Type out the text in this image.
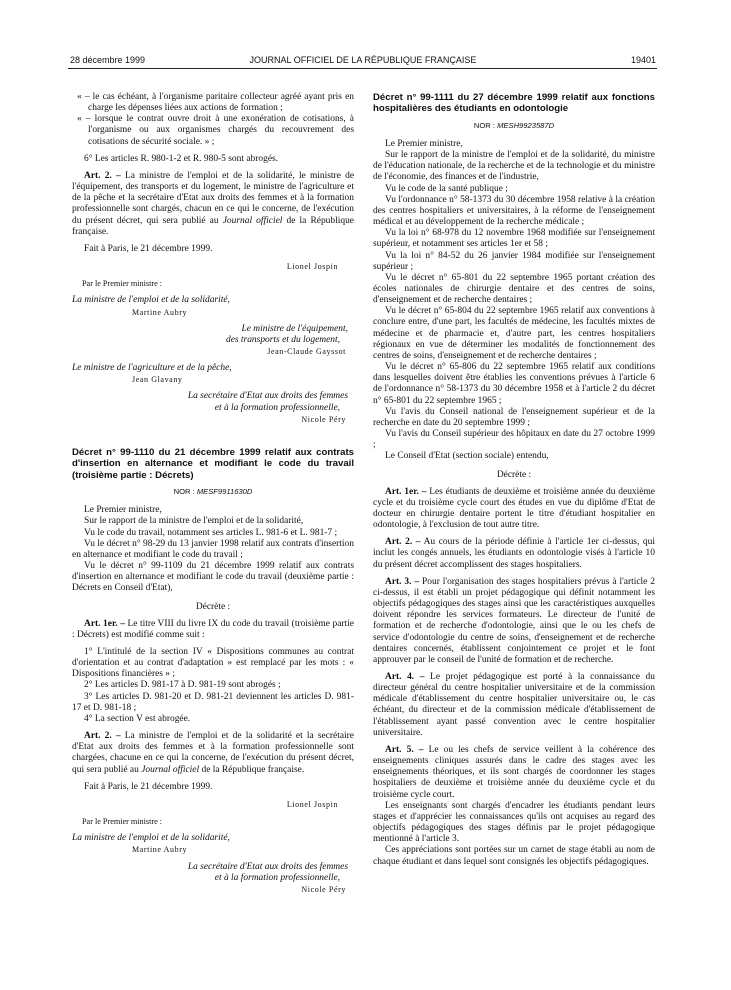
28 décembre 1999	JOURNAL OFFICIEL DE LA RÉPUBLIQUE FRANÇAISE	19401

« – le cas échéant, à l'organisme paritaire collecteur agréé ayant pris en charge les dépenses liées aux actions de formation ;

« – lorsque le contrat ouvre droit à une exonération de cotisations, à l'organisme ou aux organismes chargés du recouvrement des cotisations de sécurité sociale. » ;

6° Les articles R. 980-1-2 et R. 980-5 sont abrogés.

Art. 2. – La ministre de l'emploi et de la solidarité, le ministre de l'équipement, des transports et du logement, le ministre de l'agriculture et de la pêche et la secrétaire d'Etat aux droits des femmes et à la formation professionnelle sont chargés, chacun en ce qui le concerne, de l'exécution du présent décret, qui sera publié au Journal officiel de la République française.

Fait à Paris, le 21 décembre 1999.

Lionel Jospin

Par le Premier ministre :

La ministre de l'emploi et de la solidarité,

Martine Aubry

Le ministre de l'équipement,

des transports et du logement,

Jean-Claude Gayssot

Le ministre de l'agriculture et de la pêche,

Jean Glavany

La secrétaire d'Etat aux droits des femmes

et à la formation professionnelle,

Nicole Péry

Décret n° 99-1110 du 21 décembre 1999 relatif aux contrats d'insertion en alternance et modifiant le code du travail (troisième partie : Décrets)

NOR : MESF9911630D

Le Premier ministre,

Sur le rapport de la ministre de l'emploi et de la solidarité,

Vu le code du travail, notamment ses articles L. 981-6 et L. 981-7 ;

Vu le décret n° 98-29 du 13 janvier 1998 relatif aux contrats d'insertion en alternance et modifiant le code du travail ;

Vu le décret n° 99-1109 du 21 décembre 1999 relatif aux contrats d'insertion en alternance et modifiant le code du travail (deuxième partie : Décrets en Conseil d'Etat),

Décrète :

Art. 1er. – Le titre VIII du livre IX du code du travail (troisième partie : Décrets) est modifié comme suit :

1° L'intitulé de la section IV « Dispositions communes au contrat d'orientation et au contrat d'adaptation » est remplacé par les mots : « Dispositions financières » ;

2° Les articles D. 981-17 à D. 981-19 sont abrogés ;

3° Les articles D. 981-20 et D. 981-21 deviennent les articles D. 981-17 et D. 981-18 ;

4° La section V est abrogée.

Art. 2. – La ministre de l'emploi et de la solidarité et la secrétaire d'Etat aux droits des femmes et à la formation professionnelle sont chargées, chacune en ce qui la concerne, de l'exécution du présent décret, qui sera publié au Journal officiel de la République française.

Fait à Paris, le 21 décembre 1999.

Lionel Jospin

Par le Premier ministre :

La ministre de l'emploi et de la solidarité,

Martine Aubry

La secrétaire d'Etat aux droits des femmes

et à la formation professionnelle,

Nicole Péry

Décret n° 99-1111 du 27 décembre 1999 relatif aux fonctions hospitalières des étudiants en odontologie

NOR : MESH9923587D

Le Premier ministre,

Sur le rapport de la ministre de l'emploi et de la solidarité, du ministre de l'éducation nationale, de la recherche et de la technologie et du ministre de l'économie, des finances et de l'industrie,

Vu le code de la santé publique ;

Vu l'ordonnance n° 58-1373 du 30 décembre 1958 relative à la création des centres hospitaliers et universitaires, à la réforme de l'enseignement médical et au développement de la recherche médicale ;

Vu la loi n° 68-978 du 12 novembre 1968 modifiée sur l'enseignement supérieur, et notamment ses articles 1er et 58 ;

Vu la loi n° 84-52 du 26 janvier 1984 modifiée sur l'enseignement supérieur ;

Vu le décret n° 65-801 du 22 septembre 1965 portant création des écoles nationales de chirurgie dentaire et des centres de soins, d'enseignement et de recherche dentaires ;

Vu le décret n° 65-804 du 22 septembre 1965 relatif aux conventions à conclure entre, d'une part, les facultés de médecine, les facultés mixtes de médecine et de pharmacie et, d'autre part, les centres hospitaliers régionaux en vue de déterminer les modalités de fonctionnement des centres de soins, d'enseignement et de recherche dentaires ;

Vu le décret n° 65-806 du 22 septembre 1965 relatif aux conditions dans lesquelles doivent être établies les conventions prévues à l'article 6 de l'ordonnance n° 58-1373 du 30 décembre 1958 et à l'article 2 du décret n° 65-801 du 22 septembre 1965 ;

Vu l'avis du Conseil national de l'enseignement supérieur et de la recherche en date du 20 septembre 1999 ;

Vu l'avis du Conseil supérieur des hôpitaux en date du 27 octobre 1999 ;

Le Conseil d'Etat (section sociale) entendu,

Décrète :

Art. 1er. – Les étudiants de deuxième et troisième année du deuxième cycle et du troisième cycle court des études en vue du diplôme d'Etat de docteur en chirurgie dentaire portent le titre d'étudiant hospitalier en odontologie, à l'exclusion de tout autre titre.

Art. 2. – Au cours de la période définie à l'article 1er ci-dessus, qui inclut les congés annuels, les étudiants en odontologie visés à l'article 10 du présent décret accomplissent des stages hospitaliers.

Art. 3. – Pour l'organisation des stages hospitaliers prévus à l'article 2 ci-dessus, il est établi un projet pédagogique qui définit notamment les objectifs pédagogiques des stages ainsi que les caractéristiques auxquelles doivent répondre les services formateurs. Le directeur de l'unité de formation et de recherche d'odontologie, ainsi que le ou les chefs de service d'odontologie du centre de soins, d'enseignement et de recherche dentaires concernés, établissent conjointement ce projet et le font approuver par le conseil de l'unité de formation et de recherche.

Art. 4. – Le projet pédagogique est porté à la connaissance du directeur général du centre hospitalier universitaire et de la commission médicale d'établissement du centre hospitalier universitaire ou, le cas échéant, du directeur et de la commission médicale d'établissement de l'établissement ayant passé convention avec le centre hospitalier universitaire.

Art. 5. – Le ou les chefs de service veillent à la cohérence des enseignements cliniques assurés dans le cadre des stages avec les enseignements théoriques, et ils sont chargés de coordonner les stages hospitaliers de deuxième et troisième année du deuxième cycle et du troisième cycle court.

Les enseignants sont chargés d'encadrer les étudiants pendant leurs stages et d'apprécier les connaissances qu'ils ont acquises au regard des objectifs pédagogiques des stages définis par le projet pédagogique mentionné à l'article 3.

Ces appréciations sont portées sur un carnet de stage établi au nom de chaque étudiant et dans lequel sont consignés les objectifs pédagogiques.
